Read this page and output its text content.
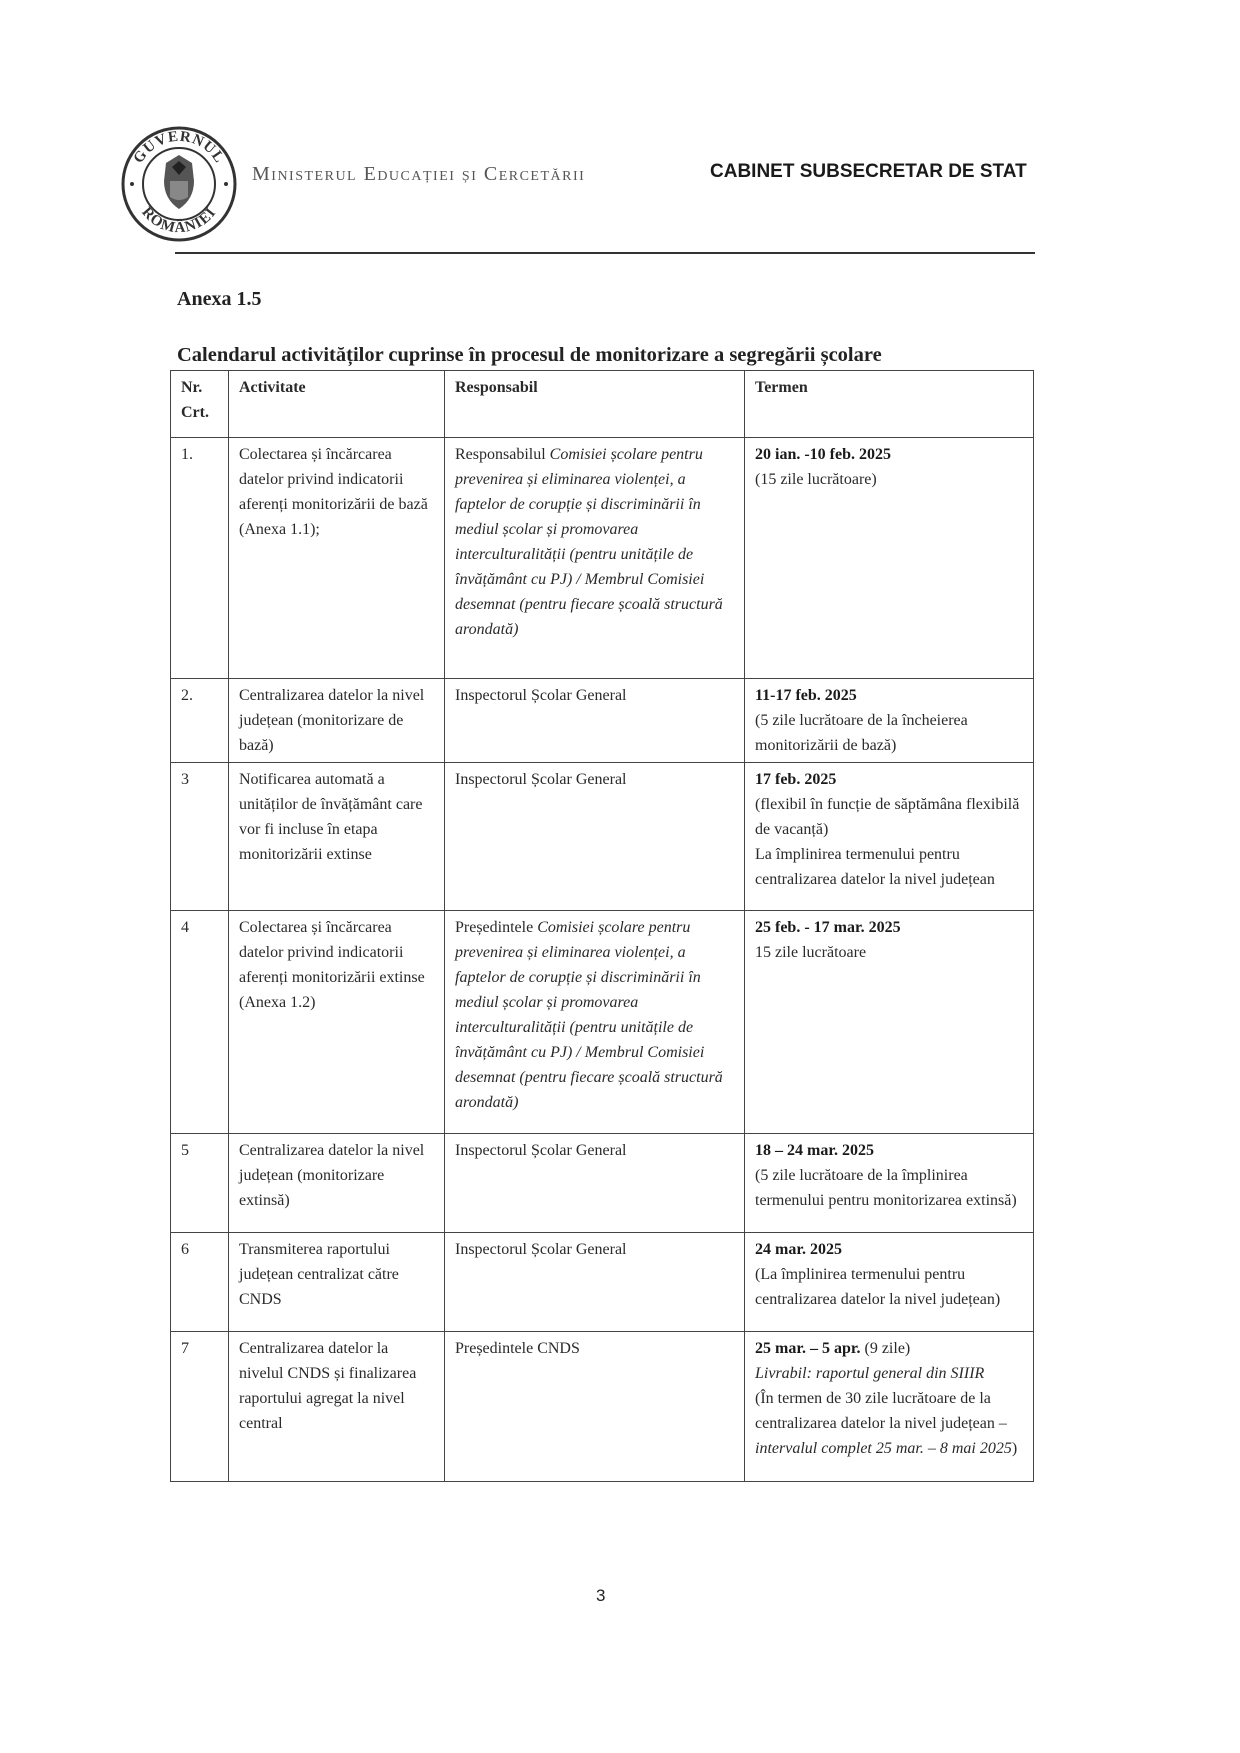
GUVERNUL
ROMÂNIEI
Ministerul Educației și Cercetării	CABINET SUBSECRETAR DE STAT
Anexa 1.5
Calendarul activităților cuprinse în procesul de monitorizare a segregării școlare
Nr. Crt.	Activitate	Responsabil	Termen
1.	Colectarea și încărcarea datelor privind indicatorii aferenți monitorizării de bază (Anexa 1.1);	Responsabilul Comisiei școlare pentru prevenirea și eliminarea violenței, a faptelor de corupție și discriminării în mediul școlar și promovarea interculturalității (pentru unitățile de învățământ cu PJ) / Membrul Comisiei desemnat (pentru fiecare școală structură arondată)	20 ian. -10 feb. 2025
(15 zile lucrătoare)

2.	Centralizarea datelor la nivel județean (monitorizare de bază)	Inspectorul Școlar General	11-17 feb. 2025
(5 zile lucrătoare de la încheierea monitorizării de bază)

3	Notificarea automată a unităților de învățământ care vor fi incluse în etapa monitorizării extinse	Inspectorul Școlar General	17 feb. 2025
(flexibil în funcție de săptămâna flexibilă de vacanță)
La împlinirea termenului pentru centralizarea datelor la nivel județean

4	Colectarea și încărcarea datelor privind indicatorii aferenți monitorizării extinse (Anexa 1.2)	Președintele Comisiei școlare pentru prevenirea și eliminarea violenței, a faptelor de corupție și discriminării în mediul școlar și promovarea interculturalității (pentru unitățile de învățământ cu PJ) / Membrul Comisiei desemnat (pentru fiecare școală structură arondată)	25 feb. - 17 mar. 2025
15 zile lucrătoare

5	Centralizarea datelor la nivel județean (monitorizare extinsă)	Inspectorul Școlar General	18 – 24 mar. 2025
(5 zile lucrătoare de la împlinirea termenului pentru monitorizarea extinsă)

6	Transmiterea raportului județean centralizat către CNDS	Inspectorul Școlar General	24 mar. 2025
(La împlinirea termenului pentru centralizarea datelor la nivel județean)

7	Centralizarea datelor la nivelul CNDS și finalizarea raportului agregat la nivel central	Președintele CNDS	25 mar. – 5 apr. (9 zile)
Livrabil: raportul general din SIIIR
(În termen de 30 zile lucrătoare de la centralizarea datelor la nivel județean – intervalul complet 25 mar. – 8 mai 2025)
3
